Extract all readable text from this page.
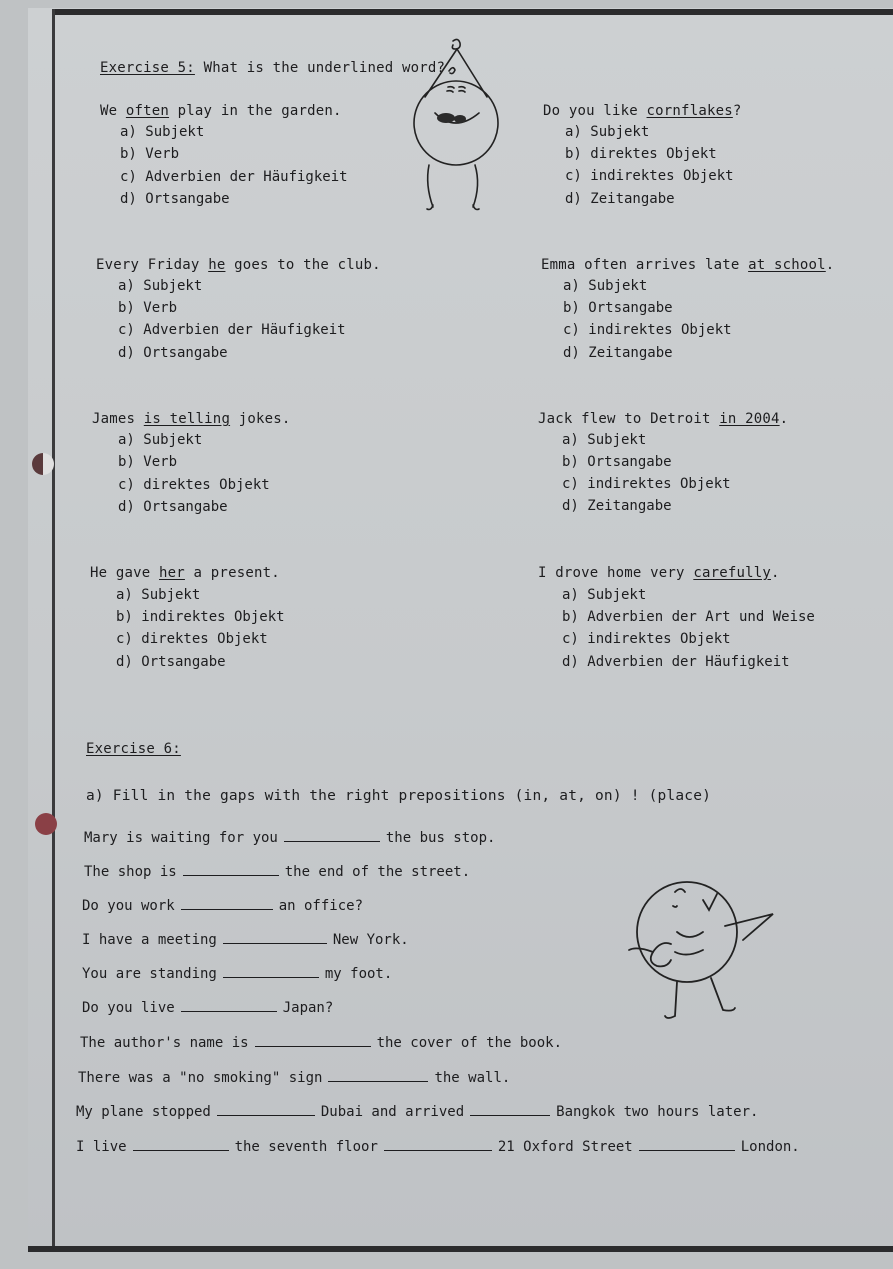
Exercise 5: What is the underlined word?
We often play in the garden.
a) Subjekt
b) Verb
c) Adverbien der Häufigkeit
d) Ortsangabe
Do you like cornflakes?
a) Subjekt
b) direktes Objekt
c) indirektes Objekt
d) Zeitangabe
Every Friday he goes to the club.
a) Subjekt
b) Verb
c) Adverbien der Häufigkeit
d) Ortsangabe
Emma often arrives late at school.
a) Subjekt
b) Ortsangabe
c) indirektes Objekt
d) Zeitangabe
James is telling jokes.
a) Subjekt
b) Verb
c) direktes Objekt
d) Ortsangabe
Jack flew to Detroit in 2004.
a) Subjekt
b) Ortsangabe
c) indirektes Objekt
d) Zeitangabe
He gave her a present.
a) Subjekt
b) indirektes Objekt
c) direktes Objekt
d) Ortsangabe
I drove home very carefully.
a) Subjekt
b) Adverbien der Art und Weise
c) indirektes Objekt
d) Adverbien der Häufigkeit
Exercise 6:
a) Fill in the gaps with the right prepositions (in, at, on) ! (place)
Mary is waiting for you	the bus stop.
The shop is	the end of the street.
Do you work	an office?
I have a meeting	New York.
You are standing	my foot.
Do you live	Japan?
The author's name is	the cover of the book.
There was a "no smoking" sign	the wall.
My plane stopped	Dubai and arrived	Bangkok two hours later.
I live	the seventh floor	21 Oxford Street	London.
